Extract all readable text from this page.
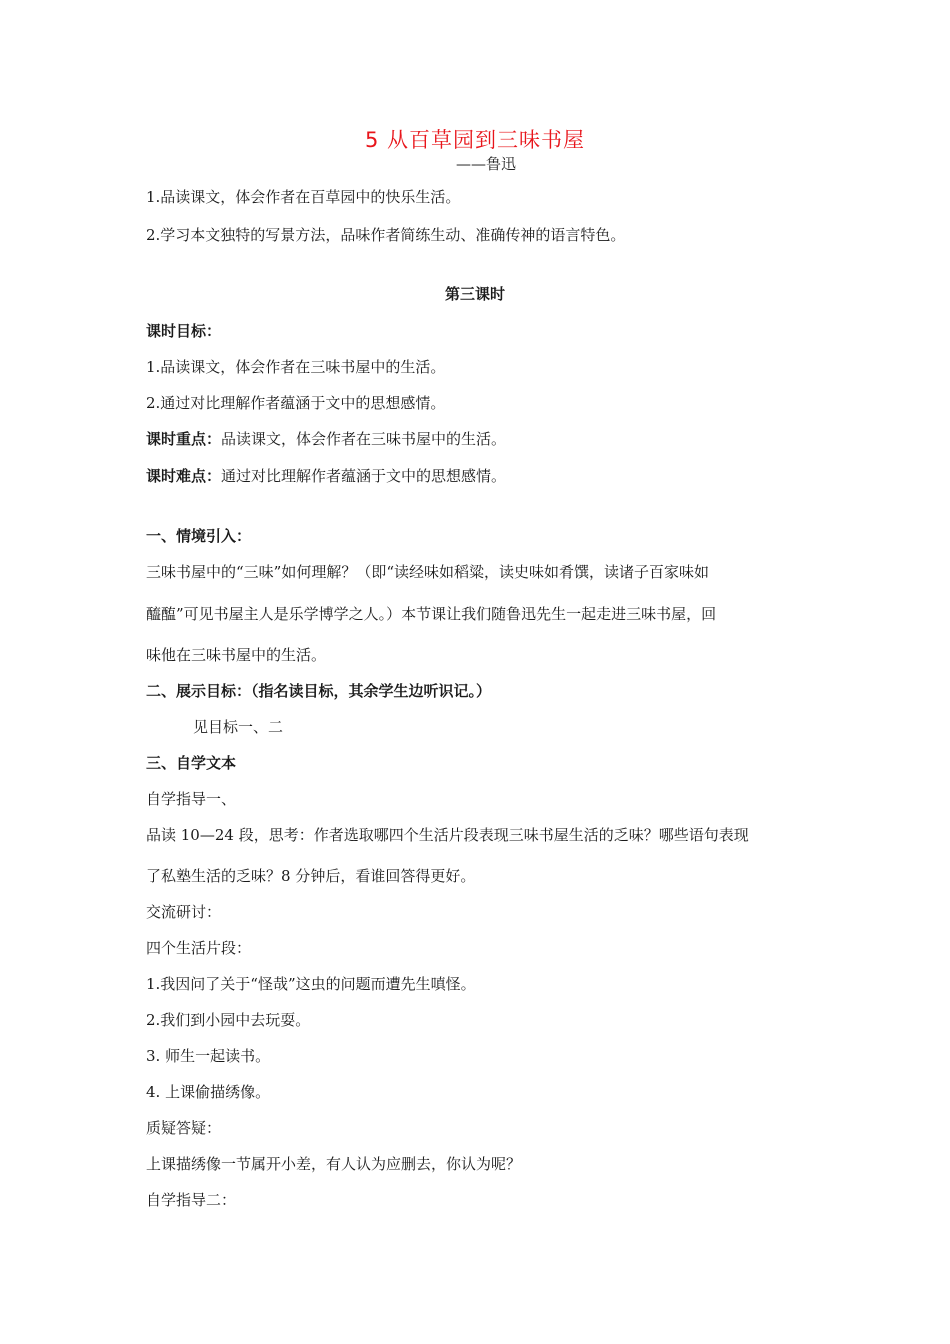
5 从百草园到三味书屋
——鲁迅
1.品读课文，体会作者在百草园中的快乐生活。
2.学习本文独特的写景方法，品味作者简练生动、准确传神的语言特色。
第三课时
课时目标：
1.品读课文，体会作者在三味书屋中的生活。
2.通过对比理解作者蕴涵于文中的思想感情。
课时重点：品读课文，体会作者在三味书屋中的生活。
课时难点：通过对比理解作者蕴涵于文中的思想感情。
一、情境引入：
三味书屋中的“三味”如何理解？（即“读经味如稻粱，读史味如肴馔，读诸子百家味如
醯醢”可见书屋主人是乐学博学之人。）本节课让我们随鲁迅先生一起走进三味书屋，回
味他在三味书屋中的生活。
二、展示目标：（指名读目标，其余学生边听识记。）
见目标一、二
三、自学文本
自学指导一、
品读 10—24 段，思考：作者选取哪四个生活片段表现三味书屋生活的乏味？哪些语句表现
了私塾生活的乏味？8 分钟后，看谁回答得更好。
交流研讨：
四个生活片段：
1.我因问了关于“怪哉”这虫的问题而遭先生嗔怪。
2.我们到小园中去玩耍。
3. 师生一起读书。
4. 上课偷描绣像。
质疑答疑：
上课描绣像一节属开小差，有人认为应删去，你认为呢？
自学指导二：
